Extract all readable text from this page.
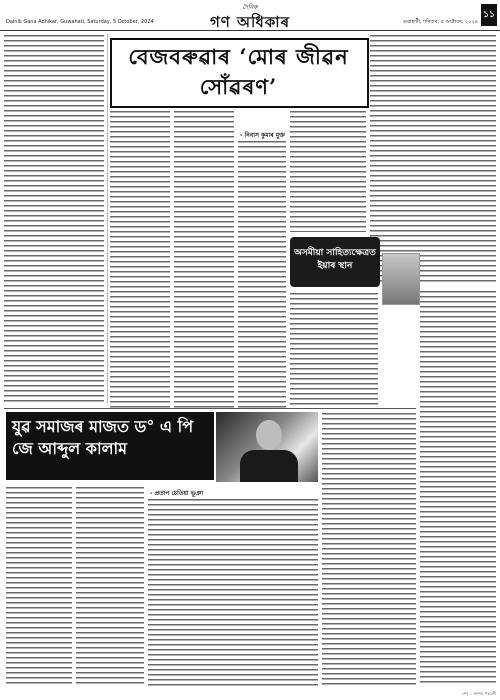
Dainik Gana Adhikar, Guwahati, Saturday, 5 October, 2024
দৈনিক
গণ অধিকাৰ	গুৱাহাটী, শনিবাৰ, ৫ অক্টোবৰ, ২০২৪
১১
বেজবৰুৱাৰ ‘মোৰ জীৱন সোঁৱৰণ’
- নিবাস কুমাৰ মুক্ত
অসমীয়া সাহিত্যক্ষেত্ৰত ইয়াৰ স্থান
যুৱ সমাজৰ মাজত ড° এ পি জে আব্দুল কালাম
- প্ৰতাপ চেতিয়া ভূঞা
শেষ ১ অংশৰ পৰৱৰ্তী
